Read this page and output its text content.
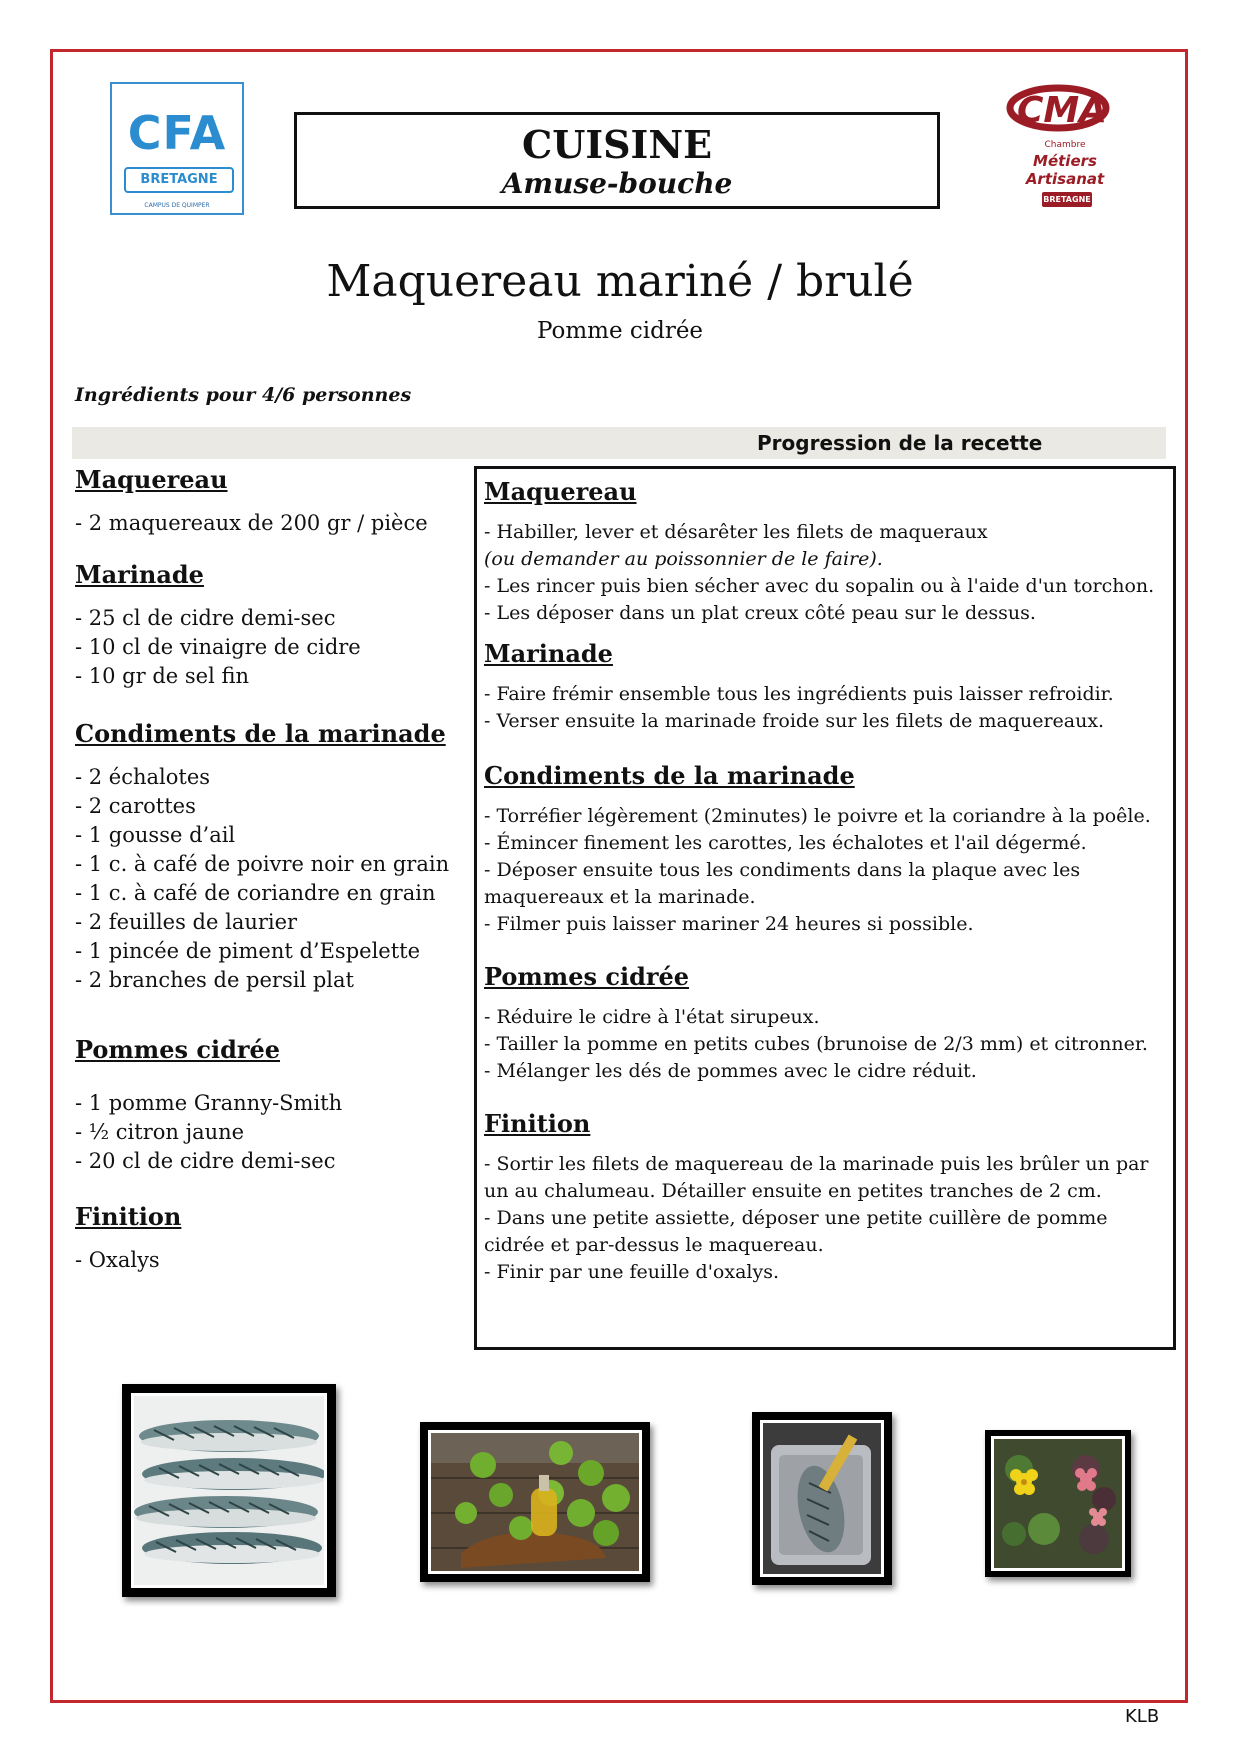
CFA
BRETAGNE
CAMPUS DE QUIMPER
CMA
Chambre
Métiers
Artisanat
BRETAGNE
CUISINE
Amuse-bouche
Maquereau mariné / brulé
Pomme cidrée
Ingrédients pour 4/6 personnes
Progression de la recette
Maquereau
- 2 maquereaux de 200 gr / pièce
Marinade
- 25 cl de cidre demi-sec
- 10 cl de vinaigre de cidre
- 10 gr de sel fin
Condiments de la marinade
- 2 échalotes
- 2 carottes
- 1 gousse d’ail
- 1 c. à café de poivre noir en grain
- 1 c. à café de coriandre en grain
- 2 feuilles de laurier
- 1 pincée de piment d’Espelette
- 2 branches de persil plat
Pommes cidrée
- 1 pomme Granny-Smith
- ½ citron jaune
- 20 cl de cidre demi-sec
Finition
- Oxalys
Maquereau
- Habiller, lever et désarêter les filets de maqueraux
(ou demander au poissonnier de le faire).
- Les rincer puis bien sécher avec du sopalin ou à l'aide d'un torchon.
- Les déposer dans un plat creux côté peau sur le dessus.
Marinade
- Faire frémir ensemble tous les ingrédients puis laisser refroidir.
- Verser ensuite la marinade froide sur les filets de maquereaux.
Condiments de la marinade
- Torréfier légèrement (2minutes) le poivre et la coriandre à la poêle.
- Émincer finement les carottes, les échalotes et l'ail dégermé.
- Déposer ensuite tous les condiments dans la plaque avec les
maquereaux et la marinade.
- Filmer puis laisser mariner 24 heures si possible.
Pommes cidrée
- Réduire le cidre à l'état sirupeux.
- Tailler la pomme en petits cubes (brunoise de 2/3 mm) et citronner.
- Mélanger les dés de pommes avec le cidre réduit.
Finition
- Sortir les filets de maquereau de la marinade puis les brûler un par
un au chalumeau. Détailler ensuite en petites tranches de 2 cm.
- Dans une petite assiette, déposer une petite cuillère de pomme
cidrée et par-dessus le maquereau.
- Finir par une feuille d'oxalys.
KLB
